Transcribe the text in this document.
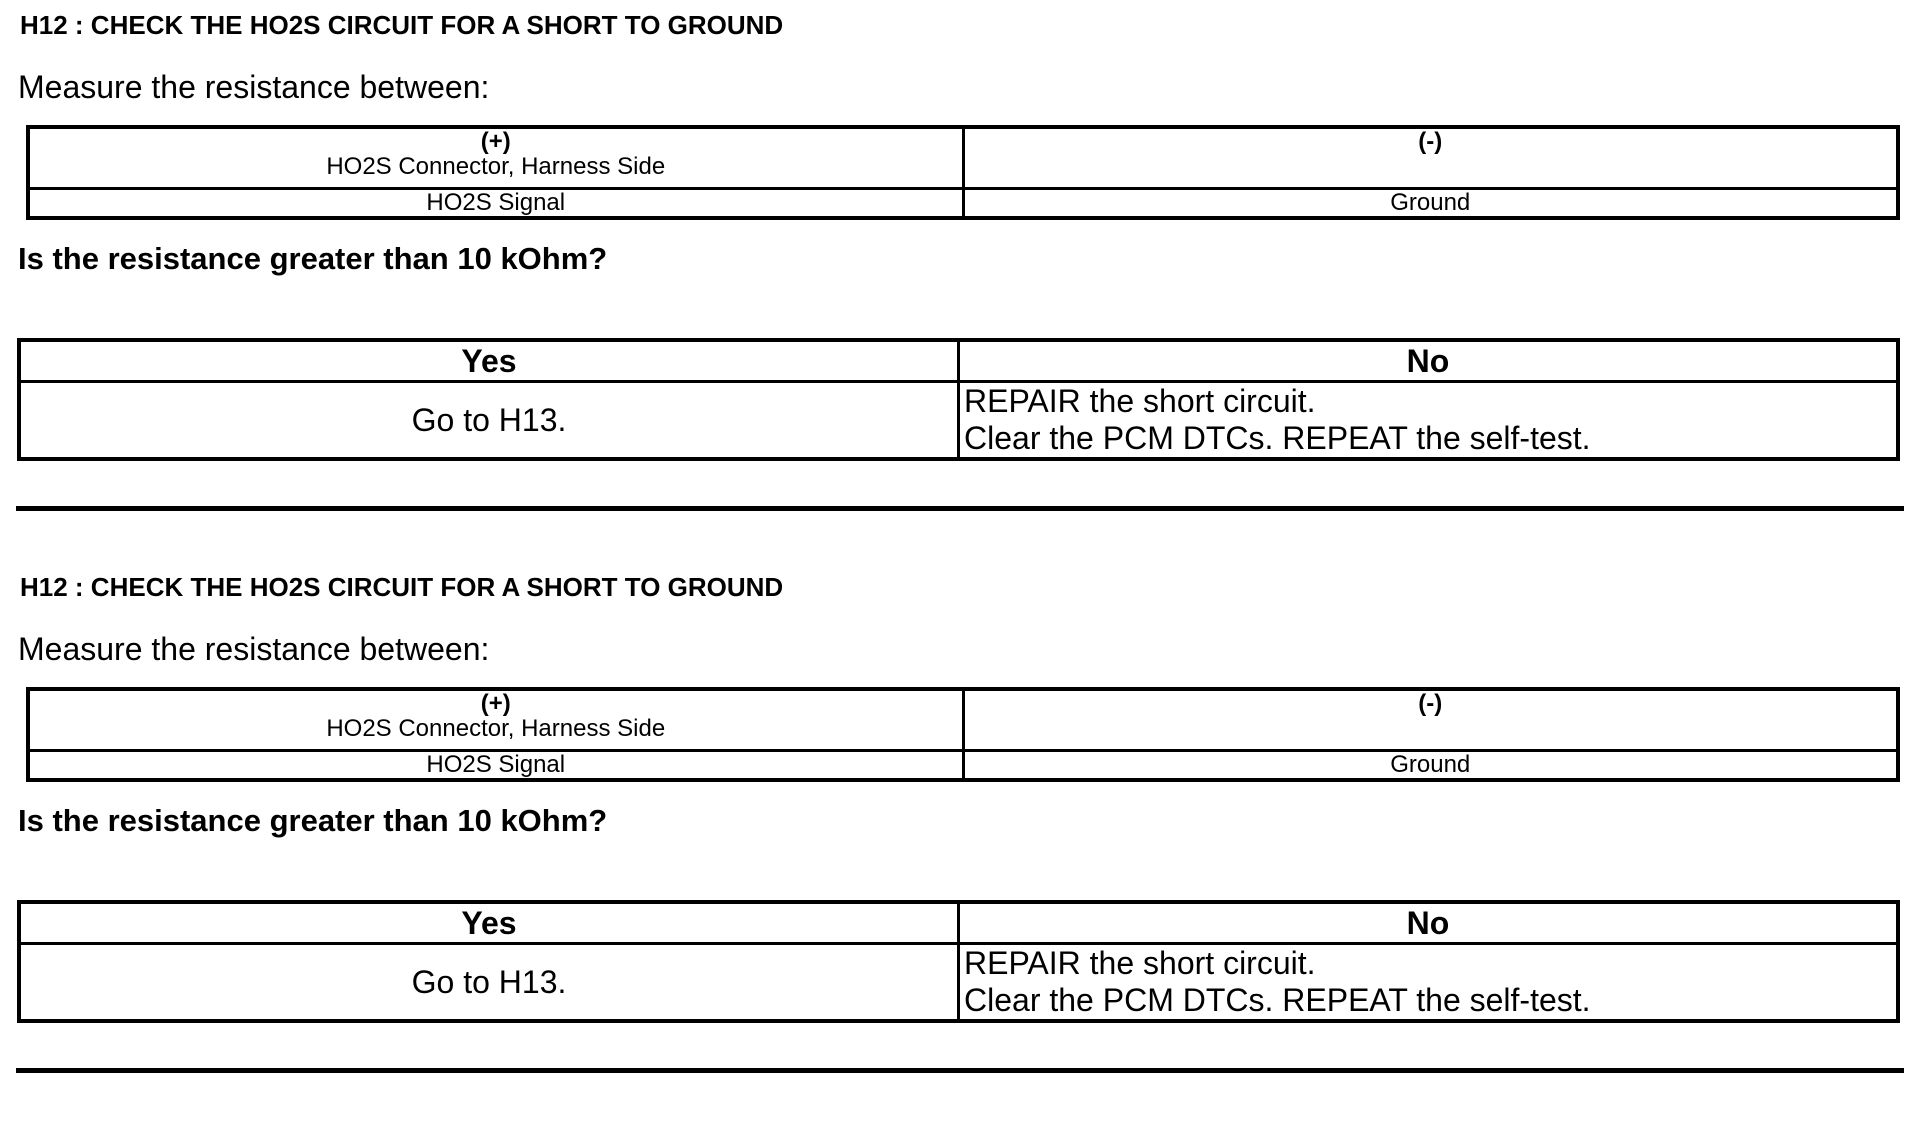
H12 : CHECK THE HO2S CIRCUIT FOR A SHORT TO GROUND
Measure the resistance between:
(+)
HO2S Connector, Harness Side	(-)

HO2S Signal	Ground
Is the resistance greater than 10 kOhm?
Yes	No
Go to H13.	REPAIR the short circuit.
Clear the PCM DTCs. REPEAT the self-test.
H12 : CHECK THE HO2S CIRCUIT FOR A SHORT TO GROUND
Measure the resistance between:
(+)
HO2S Connector, Harness Side	(-)

HO2S Signal	Ground
Is the resistance greater than 10 kOhm?
Yes	No
Go to H13.	REPAIR the short circuit.
Clear the PCM DTCs. REPEAT the self-test.
